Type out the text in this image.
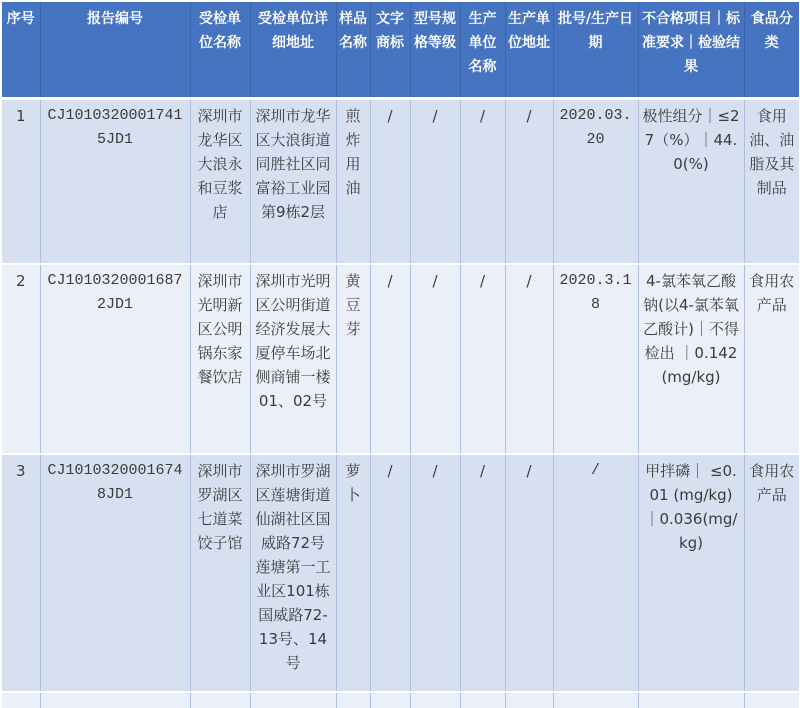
序号	报告编号	受检单位名称	受检单位详细地址	样品名称	文字商标	型号规格等级	生产单位名称	生产单位地址	批号/生产日期	不合格项目｜标准要求｜检验结果	食品分类
1	CJ10103200017415JD1	深圳市龙华区大浪永和豆浆店	深圳市龙华区大浪街道同胜社区同富裕工业园第9栋2层	煎炸用油	/	/	/	/	2020.03.20	极性组分｜≤27（%）｜44.0(%)	食用油、油脂及其制品
2	CJ10103200016872JD1	深圳市光明新区公明锅东家餐饮店	深圳市光明区公明街道经济发展大厦停车场北侧商铺一楼01、02号	黄豆芽	/	/	/	/	2020.3.18	4-氯苯氧乙酸钠(以4-氯苯氧乙酸计)｜不得检出 ｜0.142(mg/kg)	食用农产品
3	CJ10103200016748JD1	深圳市罗湖区七道菜饺子馆	深圳市罗湖区莲塘街道仙湖社区国威路72号莲塘第一工业区101栋国威路72-13号、14号	萝卜	/	/	/	/	/	甲拌磷｜ ≤0.01 (mg/kg) ｜0.036(mg/kg)	食用农产品
